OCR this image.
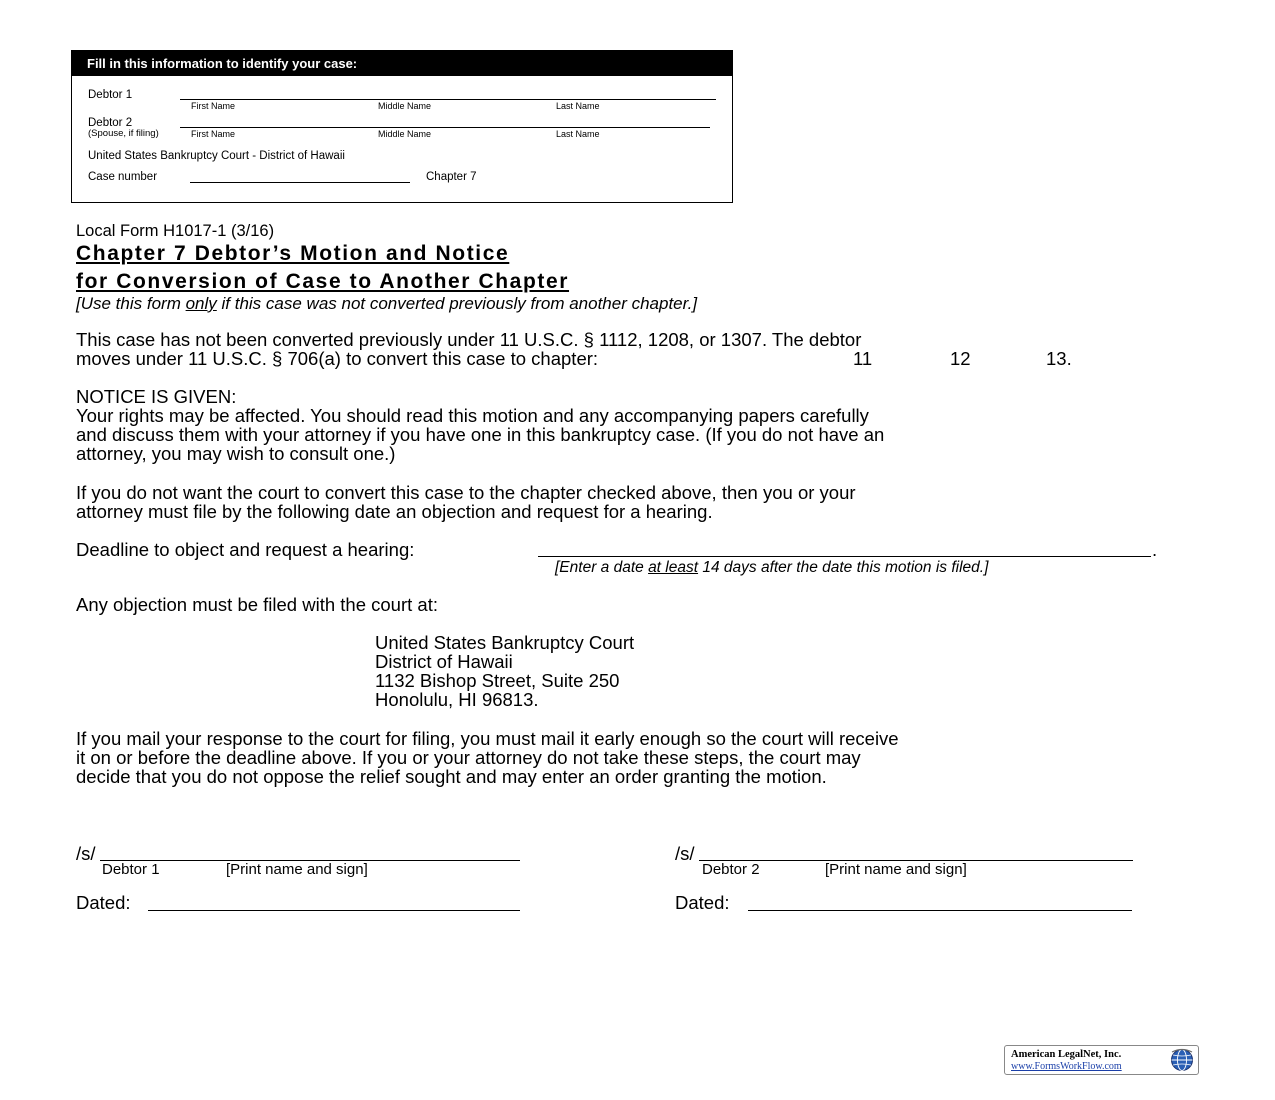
Fill in this information to identify your case:
Debtor 1
First Name	Middle Name	Last Name
Debtor 2
(Spouse, if filing)	First Name	Middle Name	Last Name
United States Bankruptcy Court - District of Hawaii
Case number	Chapter 7
Local Form H1017-1 (3/16)
Chapter 7 Debtor’s Motion and Notice
for Conversion of Case to Another Chapter
[Use this form only if this case was not converted previously from another chapter.]
This case has not been converted previously under 11 U.S.C. § 1112, 1208, or 1307. The debtor
moves under 11 U.S.C. § 706(a) to convert this case to chapter:	11	12	13.
NOTICE IS GIVEN:
Your rights may be affected. You should read this motion and any accompanying papers carefully
and discuss them with your attorney if you have one in this bankruptcy case. (If you do not have an
attorney, you may wish to consult one.)
If you do not want the court to convert this case to the chapter checked above, then you or your
attorney must file by the following date an objection and request for a hearing.
Deadline to object and request a hearing:	.
[Enter a date at least 14 days after the date this motion is filed.]
Any objection must be filed with the court at:
United States Bankruptcy Court
District of Hawaii
1132 Bishop Street, Suite 250
Honolulu, HI 96813.
If you mail your response to the court for filing, you must mail it early enough so the court will receive
it on or before the deadline above. If you or your attorney do not take these steps, the court may
decide that you do not oppose the relief sought and may enter an order granting the motion.
/s/
Debtor 1	[Print name and sign]
Dated:
/s/
Debtor 2	[Print name and sign]
Dated:
American LegalNet, Inc.
www.FormsWorkFlow.com
